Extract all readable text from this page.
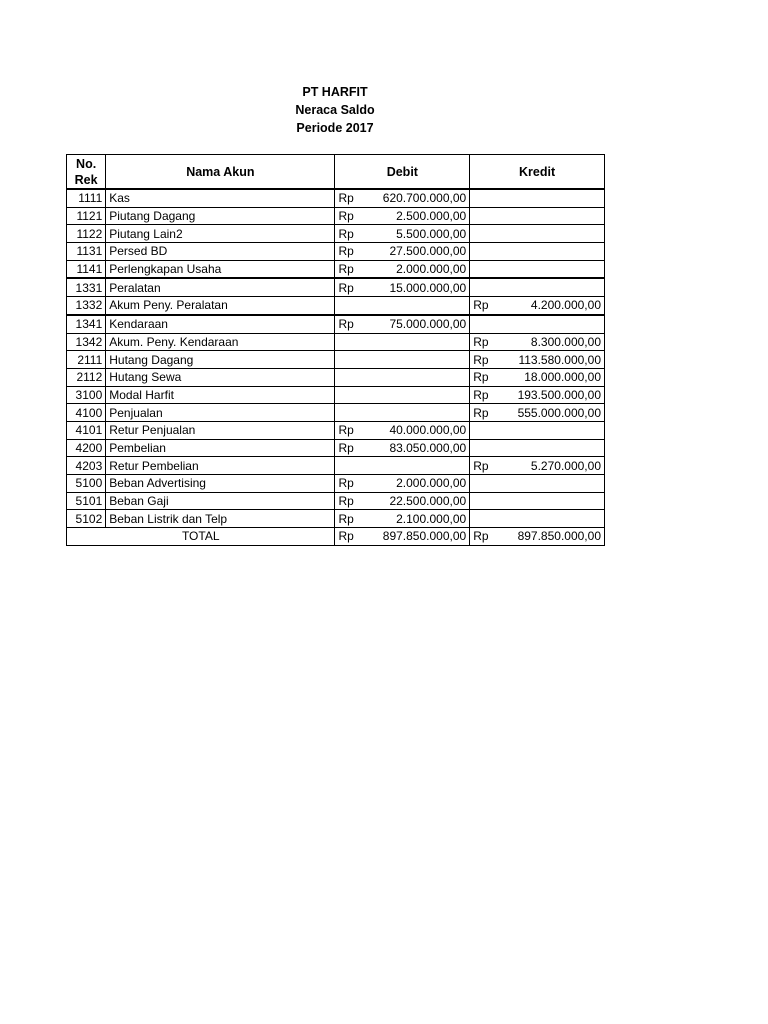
PT HARFIT
Neraca Saldo
Periode 2017
No.
Rek	Nama Akun	Debit		Kredit	
1111	Kas	Rp	620.700.000,00		
1121	Piutang Dagang	Rp	2.500.000,00		
1122	Piutang Lain2	Rp	5.500.000,00		
1131	Persed BD	Rp	27.500.000,00		
1141	Perlengkapan Usaha	Rp	2.000.000,00		
1331	Peralatan	Rp	15.000.000,00		
1332	Akum Peny. Peralatan			Rp	4.200.000,00
1341	Kendaraan	Rp	75.000.000,00		
1342	Akum. Peny. Kendaraan			Rp	8.300.000,00
2111	Hutang Dagang			Rp	113.580.000,00
2112	Hutang Sewa			Rp	18.000.000,00
3100	Modal Harfit			Rp	193.500.000,00
4100	Penjualan			Rp	555.000.000,00
4101	Retur Penjualan	Rp	40.000.000,00		
4200	Pembelian	Rp	83.050.000,00		
4203	Retur Pembelian			Rp	5.270.000,00
5100	Beban Advertising	Rp	2.000.000,00		
5101	Beban Gaji	Rp	22.500.000,00		
5102	Beban Listrik dan Telp	Rp	2.100.000,00		
TOTAL		Rp	897.850.000,00	Rp	897.850.000,00
